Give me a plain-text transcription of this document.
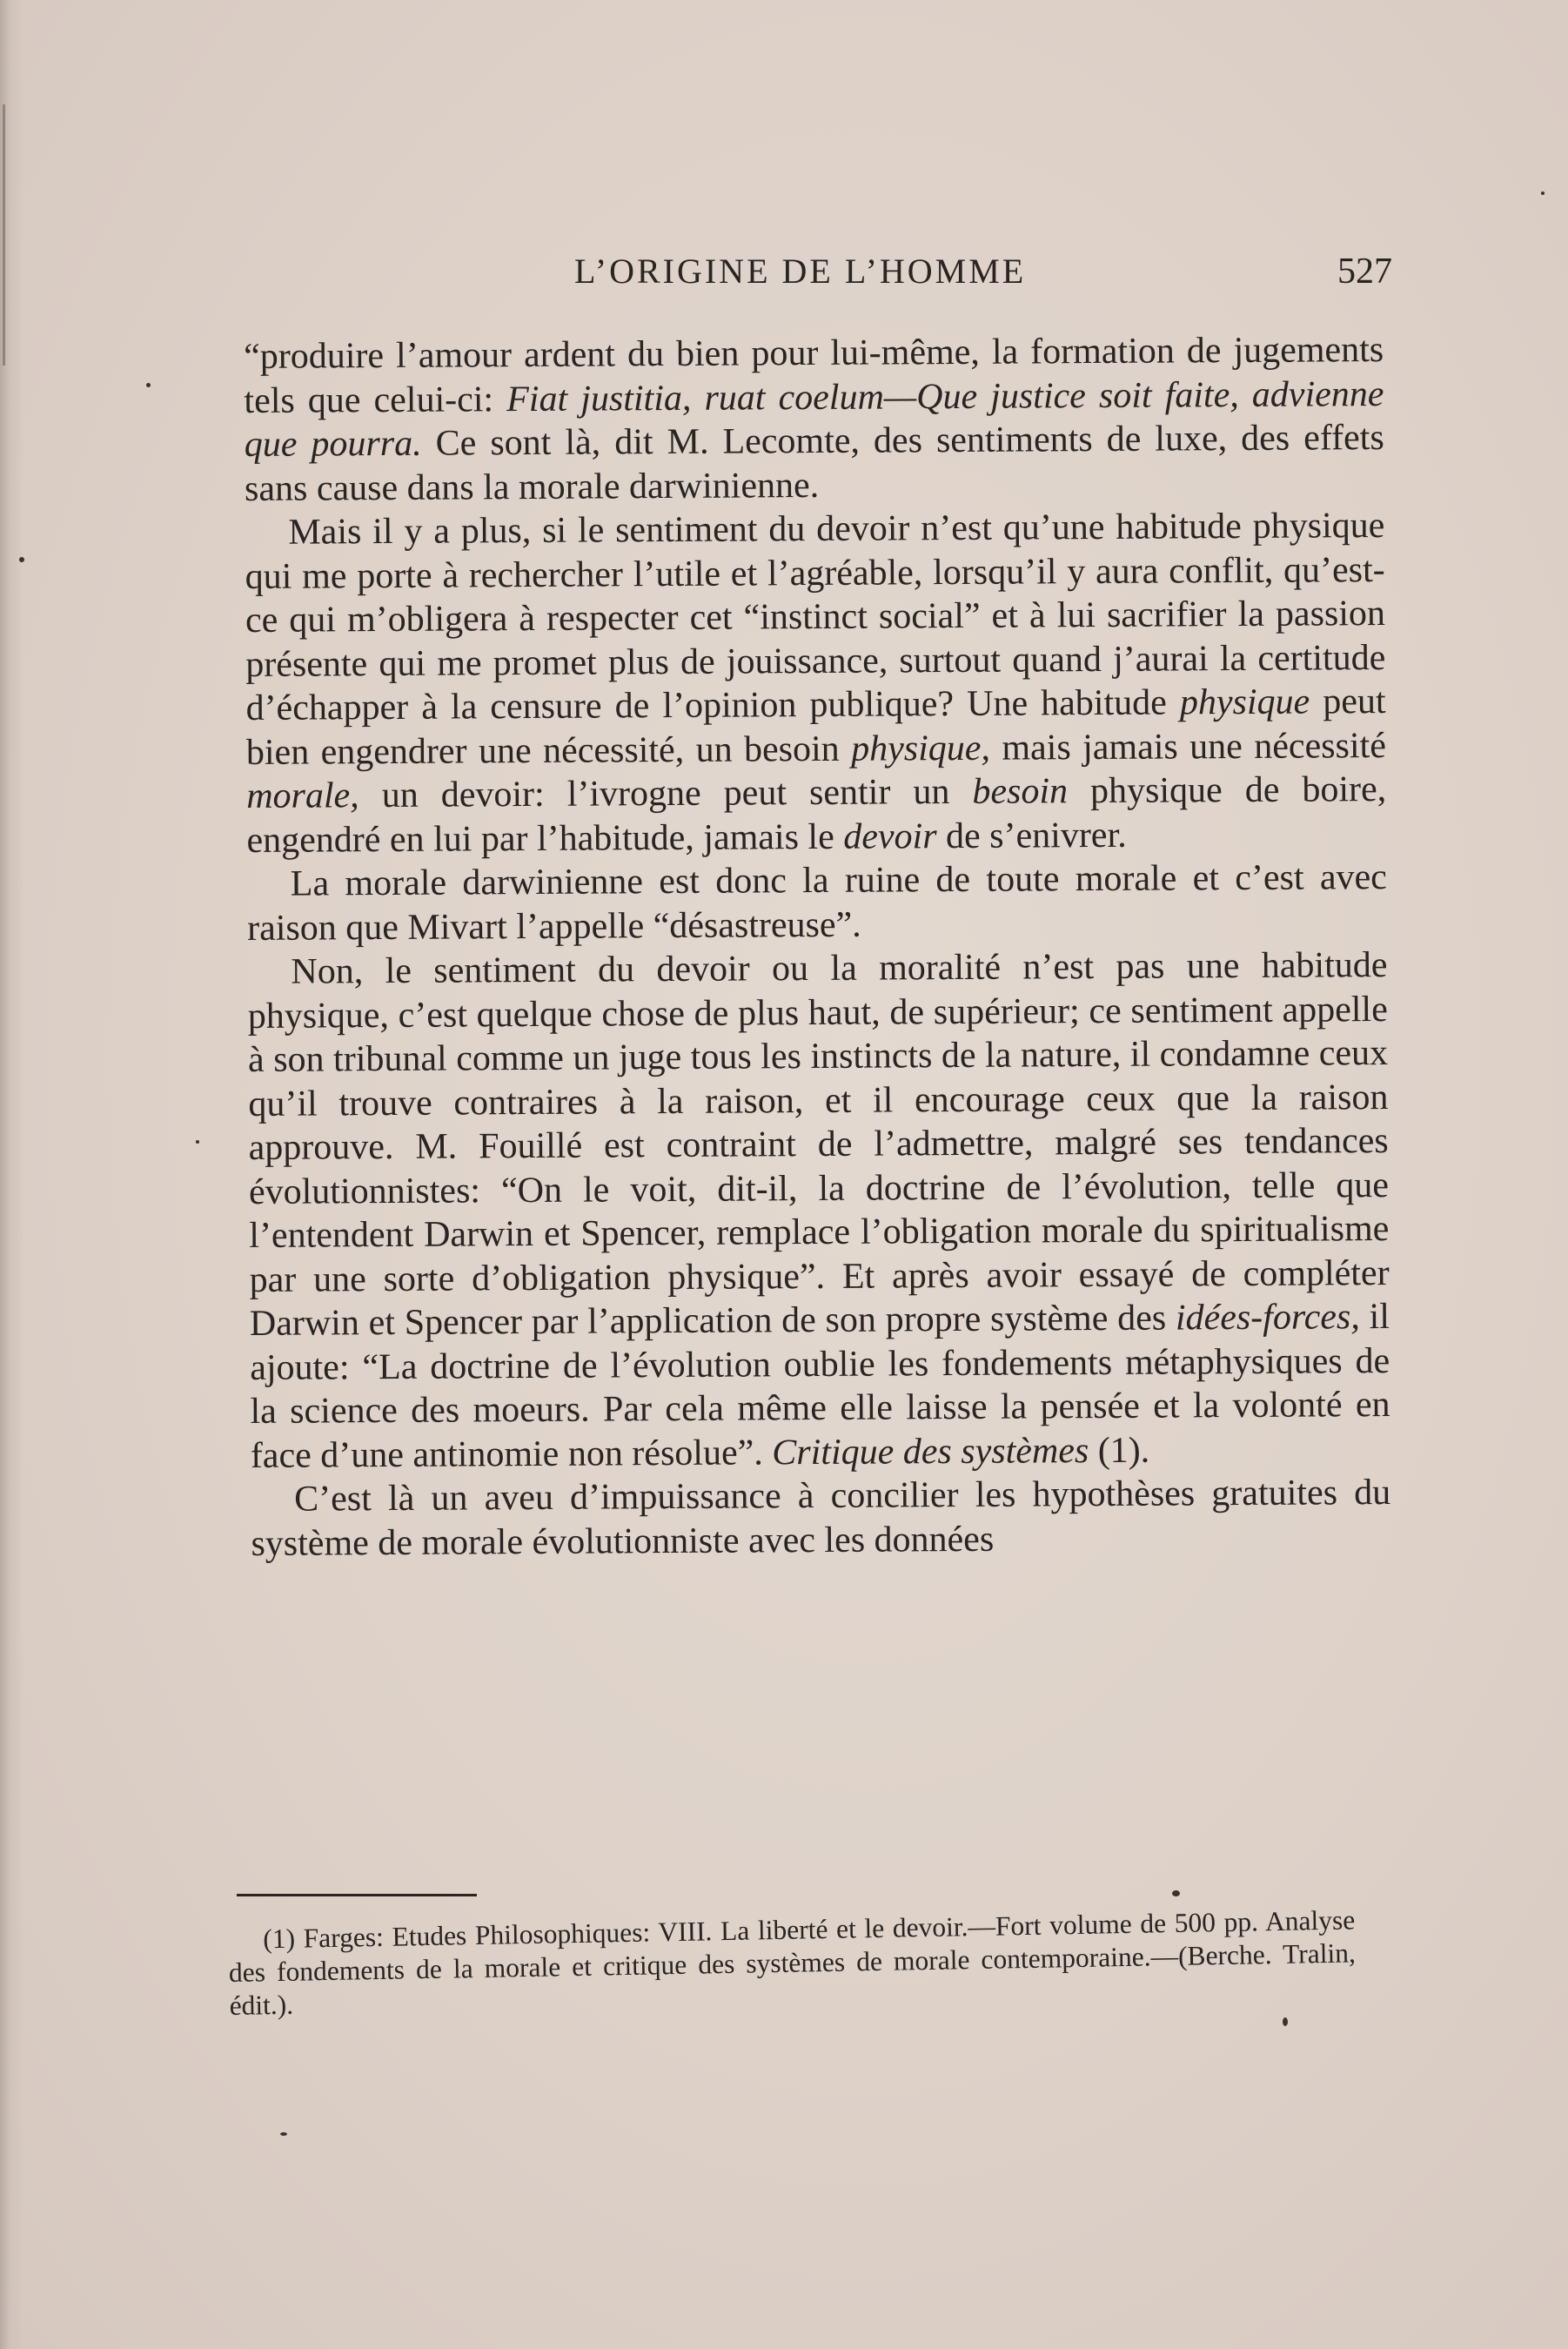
L’ORIGINE DE L’HOMME	527

“produire l’amour ardent du bien pour lui-même, la formation de jugements tels que celui-ci: Fiat justitia, ruat coelum—Que justice soit faite, advienne que pourra. Ce sont là, dit M. Lecomte, des sentiments de luxe, des effets sans cause dans la morale darwinienne.

Mais il y a plus, si le sentiment du devoir n’est qu’une habitude physique qui me porte à rechercher l’utile et l’agréable, lorsqu’il y aura conflit, qu’est-ce qui m’obligera à respecter cet “instinct social” et à lui sacrifier la passion présente qui me promet plus de jouissance, surtout quand j’aurai la certitude d’échapper à la censure de l’opinion publique? Une habitude physique peut bien engendrer une nécessité, un besoin physique, mais jamais une nécessité morale, un devoir: l’ivrogne peut sentir un besoin physique de boire, engendré en lui par l’habitude, jamais le devoir de s’enivrer.

La morale darwinienne est donc la ruine de toute morale et c’est avec raison que Mivart l’appelle “désastreuse”.

Non, le sentiment du devoir ou la moralité n’est pas une habitude physique, c’est quelque chose de plus haut, de supérieur; ce sentiment appelle à son tribunal comme un juge tous les instincts de la nature, il condamne ceux qu’il trouve contraires à la raison, et il encourage ceux que la raison approuve. M. Fouillé est contraint de l’admettre, malgré ses tendances évolutionnistes: “On le voit, dit-il, la doctrine de l’évolution, telle que l’entendent Darwin et Spencer, remplace l’obligation morale du spiritualisme par une sorte d’obligation physique”. Et après avoir essayé de compléter Darwin et Spencer par l’application de son propre système des idées-forces, il ajoute: “La doctrine de l’évolution oublie les fondements métaphysiques de la science des moeurs. Par cela même elle laisse la pensée et la volonté en face d’une antinomie non résolue”. Critique des systèmes (1).

C’est là un aveu d’impuissance à concilier les hypothèses gratuites du système de morale évolutionniste avec les données

(1) Farges: Etudes Philosophiques: VIII. La liberté et le devoir.—Fort volume de 500 pp. Analyse des fondements de la morale et critique des systèmes de morale contemporaine.—(Berche. Tralin, édit.).
